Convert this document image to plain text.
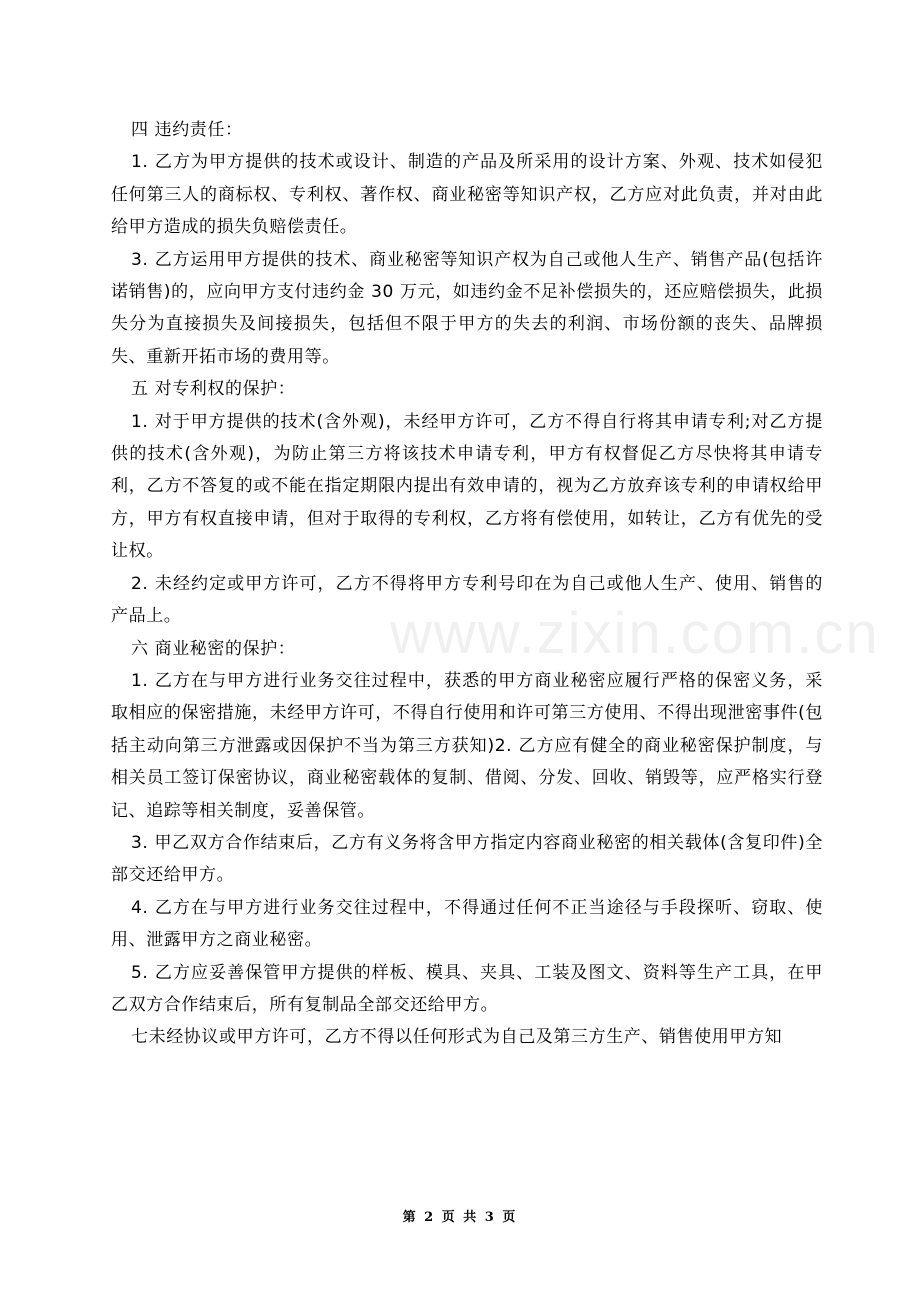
www.zixin.com.cn

四 违约责任：

1. 乙方为甲方提供的技术或设计、制造的产品及所采用的设计方案、外观、技术如侵犯任何第三人的商标权、专利权、著作权、商业秘密等知识产权，乙方应对此负责，并对由此给甲方造成的损失负赔偿责任。

3. 乙方运用甲方提供的技术、商业秘密等知识产权为自己或他人生产、销售产品(包括许诺销售)的，应向甲方支付违约金 30 万元，如违约金不足补偿损失的，还应赔偿损失，此损失分为直接损失及间接损失，包括但不限于甲方的失去的利润、市场份额的丧失、品牌损失、重新开拓市场的费用等。

五 对专利权的保护：

1. 对于甲方提供的技术(含外观)，未经甲方许可，乙方不得自行将其申请专利;对乙方提供的技术(含外观)，为防止第三方将该技术申请专利，甲方有权督促乙方尽快将其申请专利，乙方不答复的或不能在指定期限内提出有效申请的，视为乙方放弃该专利的申请权给甲方，甲方有权直接申请，但对于取得的专利权，乙方将有偿使用，如转让，乙方有优先的受让权。

2. 未经约定或甲方许可，乙方不得将甲方专利号印在为自己或他人生产、使用、销售的产品上。

六 商业秘密的保护：

1. 乙方在与甲方进行业务交往过程中，获悉的甲方商业秘密应履行严格的保密义务，采取相应的保密措施，未经甲方许可，不得自行使用和许可第三方使用、不得出现泄密事件(包括主动向第三方泄露或因保护不当为第三方获知)2. 乙方应有健全的商业秘密保护制度，与相关员工签订保密协议，商业秘密载体的复制、借阅、分发、回收、销毁等，应严格实行登记、追踪等相关制度，妥善保管。

3. 甲乙双方合作结束后，乙方有义务将含甲方指定内容商业秘密的相关载体(含复印件)全部交还给甲方。

4. 乙方在与甲方进行业务交往过程中，不得通过任何不正当途径与手段探听、窃取、使用、泄露甲方之商业秘密。

5. 乙方应妥善保管甲方提供的样板、模具、夹具、工装及图文、资料等生产工具，在甲乙双方合作结束后，所有复制品全部交还给甲方。

七未经协议或甲方许可，乙方不得以任何形式为自己及第三方生产、销售使用甲方知

第 2 页 共 3 页
